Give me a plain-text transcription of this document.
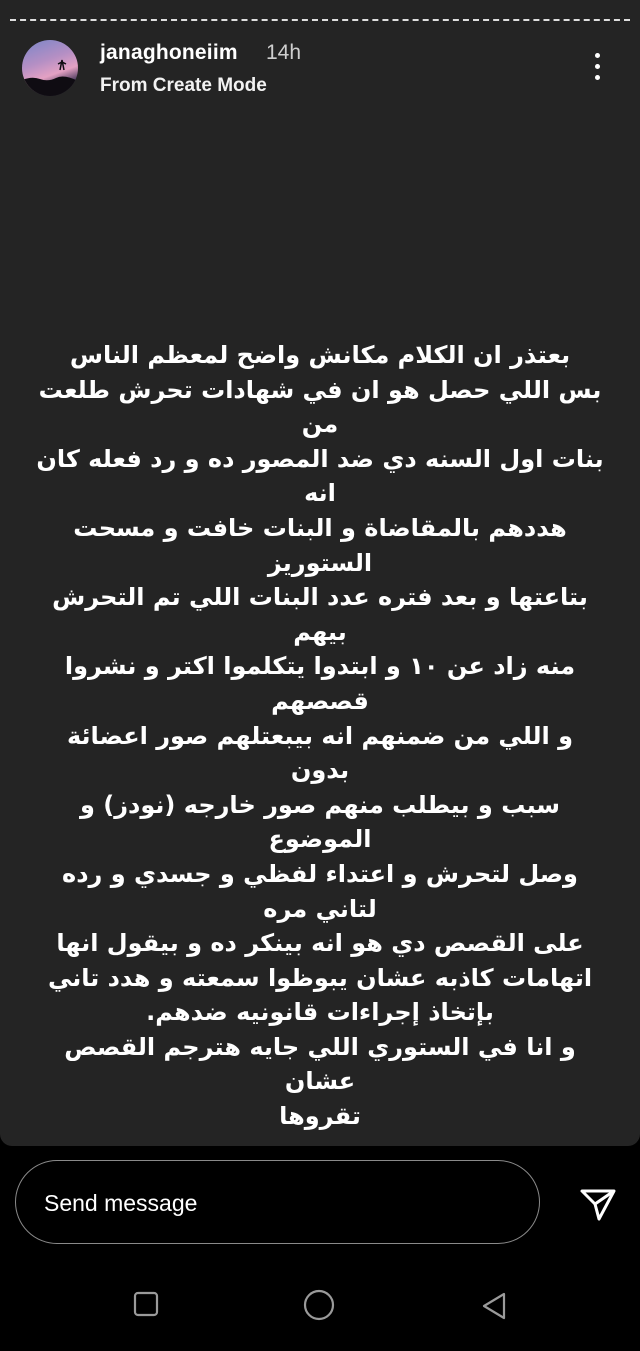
janaghoneiim 14h
From Create Mode
بعتذر ان الكلام مكانش واضح لمعظم الناس
بس اللي حصل هو ان في شهادات تحرش طلعت من
بنات اول السنه دي ضد المصور ده و رد فعله كان انه
هددهم بالمقاضاة و البنات خافت و مسحت الستوريز
بتاعتها و بعد فتره عدد البنات اللي تم التحرش بيهم
منه زاد عن ١٠ و ابتدوا يتكلموا اكتر و نشروا قصصهم
و اللي من ضمنهم انه بيبعتلهم صور اعضائة بدون
سبب و بيطلب منهم صور خارجه (نودز) و الموضوع
وصل لتحرش و اعتداء لفظي و جسدي و رده لتاني مره
على القصص دي هو انه بينكر ده و بيقول انها
اتهامات كاذبه عشان يبوظوا سمعته و هدد تاني
بإتخاذ إجراءات قانونيه ضدهم.
و انا في الستوري اللي جايه هترجم القصص عشان
تقروها
Send message
